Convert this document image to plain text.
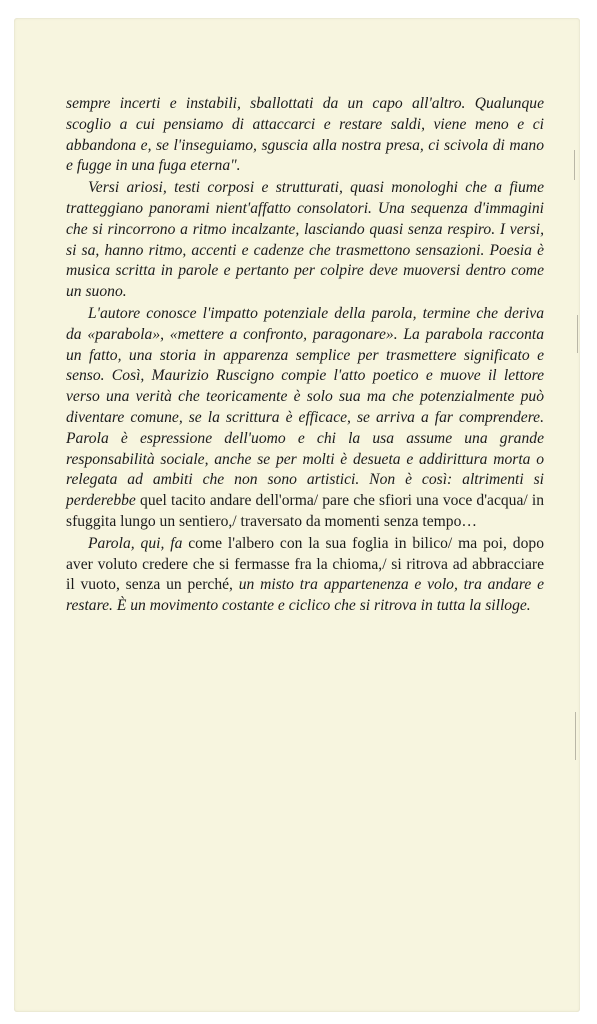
sempre incerti e instabili, sballottati da un capo all'altro. Qualunque scoglio a cui pensiamo di attaccarci e restare saldi, viene meno e ci abbandona e, se l'inseguiamo, sguscia alla nostra presa, ci scivola di mano e fugge in una fuga eterna".

Versi ariosi, testi corposi e strutturati, quasi monologhi che a fiume tratteggiano panorami nient'affatto consolatori. Una sequenza d'immagini che si rincorrono a ritmo incalzante, lasciando quasi senza respiro. I versi, si sa, hanno ritmo, accenti e cadenze che trasmettono sensazioni. Poesia è musica scritta in parole e pertanto per colpire deve muoversi dentro come un suono.

L'autore conosce l'impatto potenziale della parola, termine che deriva da «parabola», «mettere a confronto, paragonare». La parabola racconta un fatto, una storia in apparenza semplice per trasmettere significato e senso. Così, Maurizio Ruscigno compie l'atto poetico e muove il lettore verso una verità che teoricamente è solo sua ma che potenzialmente può diventare comune, se la scrittura è efficace, se arriva a far comprendere. Parola è espressione dell'uomo e chi la usa assume una grande responsabilità sociale, anche se per molti è desueta e addirittura morta o relegata ad ambiti che non sono artistici. Non è così: altrimenti si perderebbe quel tacito andare dell'orma/ pare che sfiori una voce d'acqua/ in sfuggita lungo un sentiero,/ traversato da momenti senza tempo…

Parola, qui, fa come l'albero con la sua foglia in bilico/ ma poi, dopo aver voluto credere che si fermasse fra la chioma,/ si ritrova ad abbracciare il vuoto, senza un perché, un misto tra appartenenza e volo, tra andare e restare. È un movimento costante e ciclico che si ritrova in tutta la silloge.
